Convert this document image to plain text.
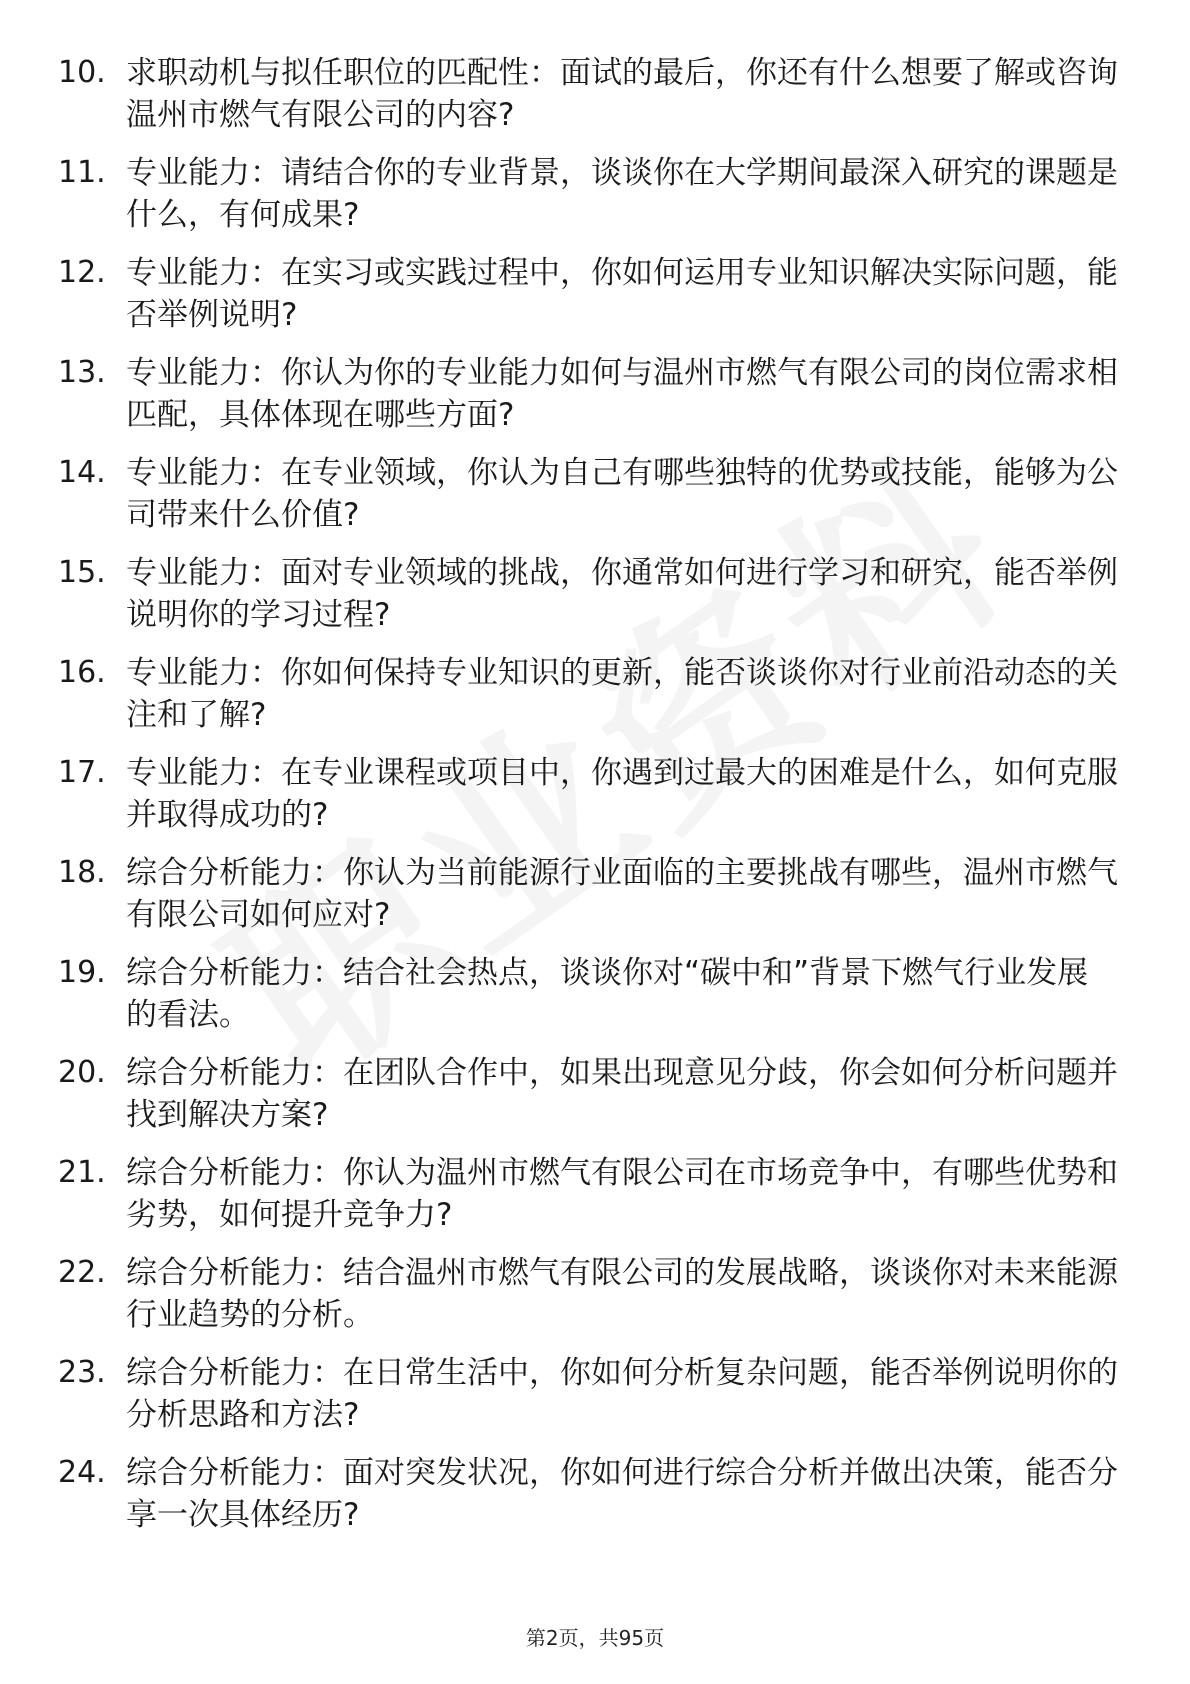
10. 求职动机与拟任职位的匹配性：面试的最后，你还有什么想要了解或咨询温州市燃气有限公司的内容?
11. 专业能力：请结合你的专业背景，谈谈你在大学期间最深入研究的课题是什么，有何成果?
12. 专业能力：在实习或实践过程中，你如何运用专业知识解决实际问题，能否举例说明?
13. 专业能力：你认为你的专业能力如何与温州市燃气有限公司的岗位需求相匹配，具体体现在哪些方面?
14. 专业能力：在专业领域，你认为自己有哪些独特的优势或技能，能够为公司带来什么价值?
15. 专业能力：面对专业领域的挑战，你通常如何进行学习和研究，能否举例说明你的学习过程?
16. 专业能力：你如何保持专业知识的更新，能否谈谈你对行业前沿动态的关注和了解?
17. 专业能力：在专业课程或项目中，你遇到过最大的困难是什么，如何克服并取得成功的?
18. 综合分析能力：你认为当前能源行业面临的主要挑战有哪些，温州市燃气有限公司如何应对?
19. 综合分析能力：结合社会热点，谈谈你对“碳中和”背景下燃气行业发展的看法。
20. 综合分析能力：在团队合作中，如果出现意见分歧，你会如何分析问题并找到解决方案?
21. 综合分析能力：你认为温州市燃气有限公司在市场竞争中，有哪些优势和劣势，如何提升竞争力?
22. 综合分析能力：结合温州市燃气有限公司的发展战略，谈谈你对未来能源行业趋势的分析。
23. 综合分析能力：在日常生活中，你如何分析复杂问题，能否举例说明你的分析思路和方法?
24. 综合分析能力：面对突发状况，你如何进行综合分析并做出决策，能否分享一次具体经历?
第2页，共95页
